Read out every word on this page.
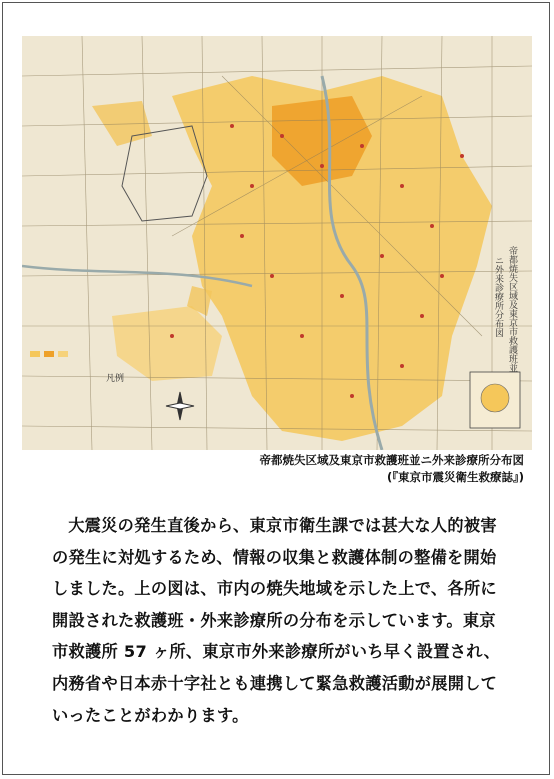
凡例
帝都焼失区域及東京市救護班並
ニ外来診療所分布図
帝都焼失区域及東京市救護班並ニ外来診療所分布図
(『東京市震災衛生救療誌』)
大震災の発生直後から、東京市衛生課では甚大な人的被害の発生に対処するため、情報の収集と救護体制の整備を開始しました。上の図は、市内の焼失地域を示した上で、各所に開設された救護班・外来診療所の分布を示しています。東京市救護所 57 ヶ所、東京市外来診療所がいち早く設置され、内務省や日本赤十字社とも連携して緊急救護活動が展開していったことがわかります。
